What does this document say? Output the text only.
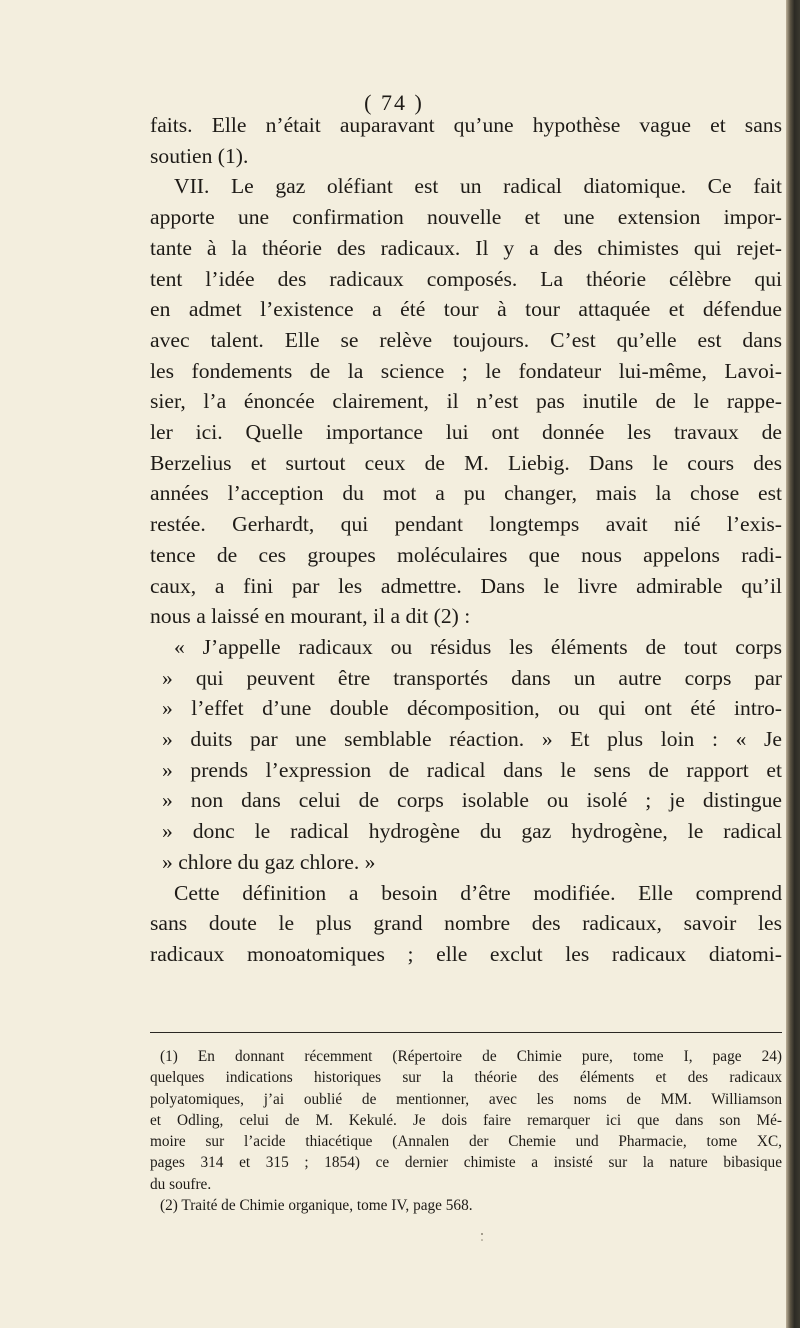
( 74 )
faits. Elle n’était auparavant qu’une hypothèse vague et sans
soutien (1).
VII. Le gaz oléfiant est un radical diatomique. Ce fait
apporte une confirmation nouvelle et une extension impor-
tante à la théorie des radicaux. Il y a des chimistes qui rejet-
tent l’idée des radicaux composés. La théorie célèbre qui
en admet l’existence a été tour à tour attaquée et défendue
avec talent. Elle se relève toujours. C’est qu’elle est dans
les fondements de la science ; le fondateur lui-même, Lavoi-
sier, l’a énoncée clairement, il n’est pas inutile de le rappe-
ler ici. Quelle importance lui ont donnée les travaux de
Berzelius et surtout ceux de M. Liebig. Dans le cours des
années l’acception du mot a pu changer, mais la chose est
restée. Gerhardt, qui pendant longtemps avait nié l’exis-
tence de ces groupes moléculaires que nous appelons radi-
caux, a fini par les admettre. Dans le livre admirable qu’il
nous a laissé en mourant, il a dit (2) :
« J’appelle radicaux ou résidus les éléments de tout corps
» qui peuvent être transportés dans un autre corps par
» l’effet d’une double décomposition, ou qui ont été intro-
» duits par une semblable réaction. » Et plus loin : « Je
» prends l’expression de radical dans le sens de rapport et
» non dans celui de corps isolable ou isolé ; je distingue
» donc le radical hydrogène du gaz hydrogène, le radical
» chlore du gaz chlore. »
Cette définition a besoin d’être modifiée. Elle comprend
sans doute le plus grand nombre des radicaux, savoir les
radicaux monoatomiques ; elle exclut les radicaux diatomi-
(1) En donnant récemment (Répertoire de Chimie pure, tome I, page 24)
quelques indications historiques sur la théorie des éléments et des radicaux
polyatomiques, j’ai oublié de mentionner, avec les noms de MM. Williamson
et Odling, celui de M. Kekulé. Je dois faire remarquer ici que dans son Mé-
moire sur l’acide thiacétique (Annalen der Chemie und Pharmacie, tome XC,
pages 314 et 315 ; 1854) ce dernier chimiste a insisté sur la nature bibasique
du soufre.
(2) Traité de Chimie organique, tome IV, page 568.
